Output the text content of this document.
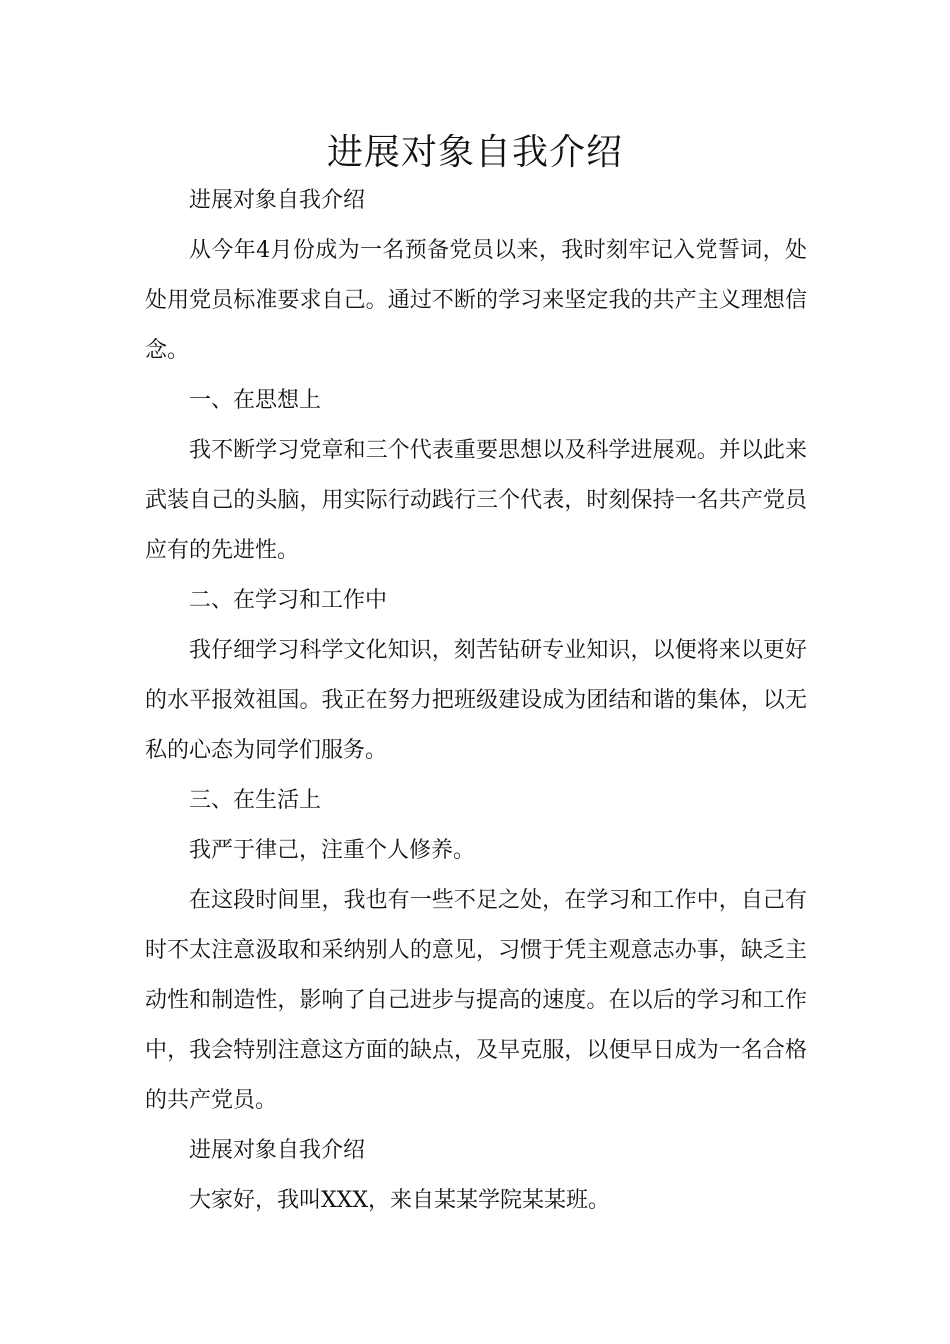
进展对象自我介绍

进展对象自我介绍

从今年4月份成为一名预备党员以来，我时刻牢记入党誓词，处处用党员标准要求自己。通过不断的学习来坚定我的共产主义理想信念。

一、在思想上

我不断学习党章和三个代表重要思想以及科学进展观。并以此来武装自己的头脑，用实际行动践行三个代表，时刻保持一名共产党员应有的先进性。

二、在学习和工作中

我仔细学习科学文化知识，刻苦钻研专业知识，以便将来以更好的水平报效祖国。我正在努力把班级建设成为团结和谐的集体，以无私的心态为同学们服务。

三、在生活上

我严于律己，注重个人修养。

在这段时间里，我也有一些不足之处，在学习和工作中，自己有时不太注意汲取和采纳别人的意见，习惯于凭主观意志办事，缺乏主动性和制造性，影响了自己进步与提高的速度。在以后的学习和工作中，我会特别注意这方面的缺点，及早克服，以便早日成为一名合格的共产党员。

进展对象自我介绍

大家好，我叫XXX，来自某某学院某某班。
